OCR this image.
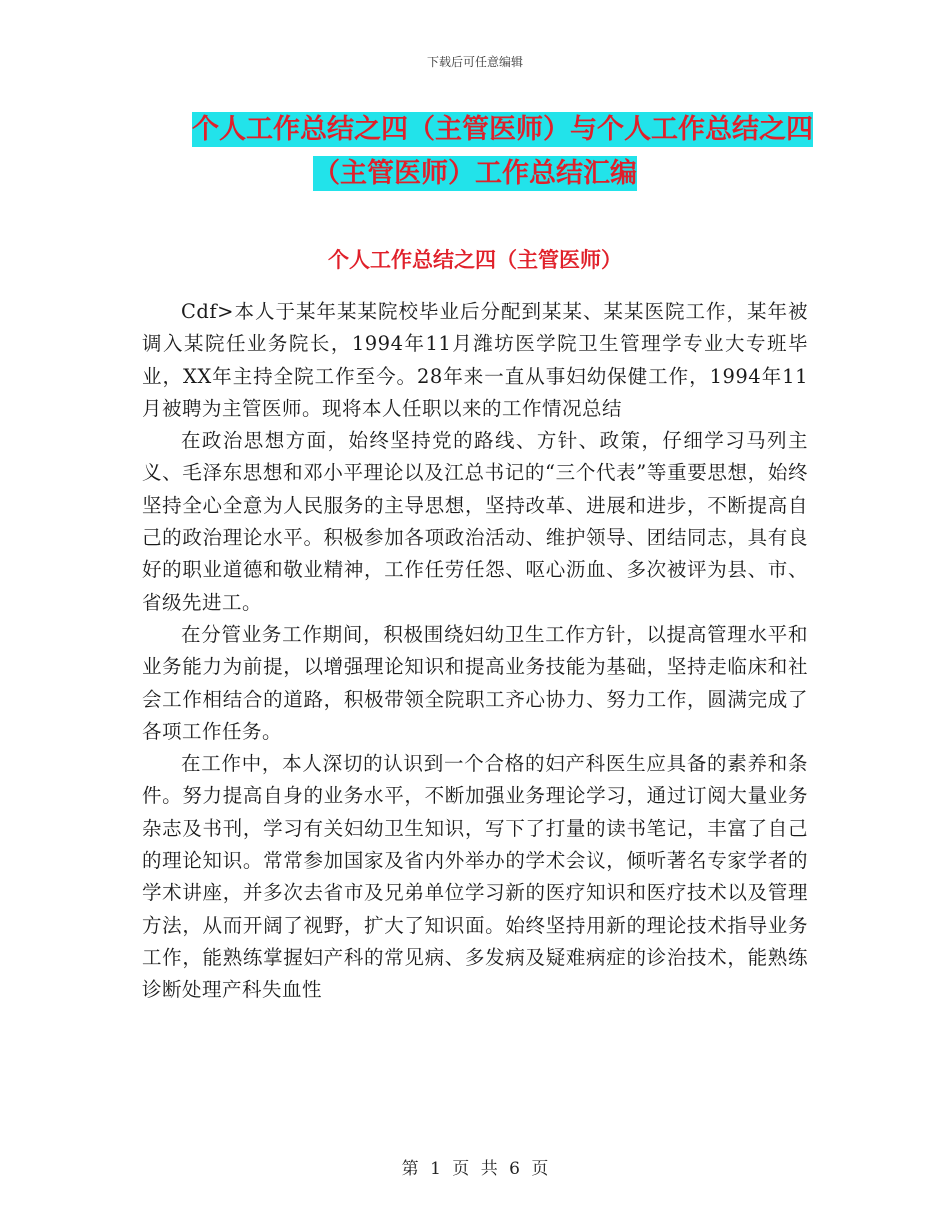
下载后可任意编辑
个人工作总结之四（主管医师）与个人工作总结之四
（主管医师）工作总结汇编
个人工作总结之四（主管医师）

Cdf>本人于某年某某院校毕业后分配到某某、某某医院工作，某年被调入某院任业务院长，1994年11月潍坊医学院卫生管理学专业大专班毕业，XX年主持全院工作至今。28年来一直从事妇幼保健工作，1994年11月被聘为主管医师。现将本人任职以来的工作情况总结

在政治思想方面，始终坚持党的路线、方针、政策，仔细学习马列主义、毛泽东思想和邓小平理论以及江总书记的“三个代表”等重要思想，始终坚持全心全意为人民服务的主导思想，坚持改革、进展和进步，不断提高自己的政治理论水平。积极参加各项政治活动、维护领导、团结同志，具有良好的职业道德和敬业精神，工作任劳任怨、呕心沥血、多次被评为县、市、省级先进工。

在分管业务工作期间，积极围绕妇幼卫生工作方针，以提高管理水平和业务能力为前提，以增强理论知识和提高业务技能为基础，坚持走临床和社会工作相结合的道路，积极带领全院职工齐心协力、努力工作，圆满完成了各项工作任务。

在工作中，本人深切的认识到一个合格的妇产科医生应具备的素养和条件。努力提高自身的业务水平，不断加强业务理论学习，通过订阅大量业务杂志及书刊，学习有关妇幼卫生知识，写下了打量的读书笔记，丰富了自己的理论知识。常常参加国家及省内外举办的学术会议，倾听著名专家学者的学术讲座，并多次去省市及兄弟单位学习新的医疗知识和医疗技术以及管理方法，从而开阔了视野，扩大了知识面。始终坚持用新的理论技术指导业务工作，能熟练掌握妇产科的常见病、多发病及疑难病症的诊治技术，能熟练诊断处理产科失血性

第 1 页 共 6 页
